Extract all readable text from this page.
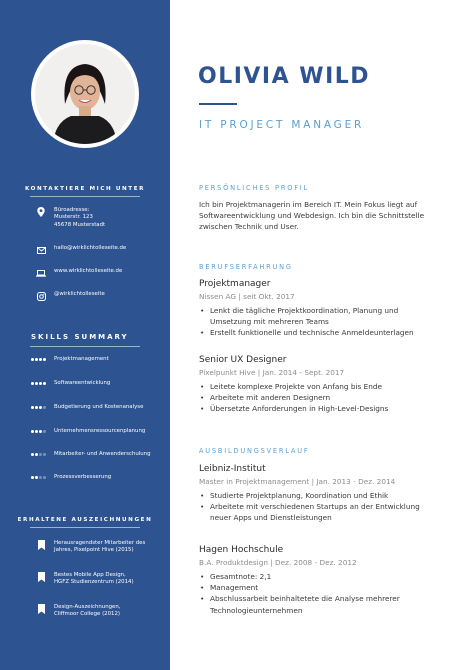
KONTAKTIERE MICH UNTER
Büroadresse:
Musterstr. 123
45678 Musterstadt
hallo@wirklichtolleseite.de
www.wirklichtolleseite.de
@wirklichtolleseite
SKILLS SUMMARY
Projektmanagement
Softwareentwicklung
Budgetierung und Kostenanalyse
Unternehmensressourcenplanung
Mitarbeiter- und Anwenderschulung
Prozessverbesserung
ERHALTENE AUSZEICHNUNGEN
Herausragendster Mitarbeiter des
Jahres, Pixelpoint Hive (2015)
Bestes Mobile App Design,
HGFZ Studienzentrum (2014)
Design-Auszeichnungen,
Cliffmoor College (2012)
OLIVIA WILD
IT PROJECT MANAGER
PERSÖNLICHES PROFIL
Ich bin Projektmanagerin im Bereich IT. Mein Fokus liegt auf
Softwareentwicklung und Webdesign. Ich bin die Schnittstelle
zwischen Technik und User.
BERUFSERFAHRUNG
Projektmanager
Nissen AG | seit Okt. 2017
• Lenkt die tägliche Projektkoordination, Planung und
Umsetzung mit mehreren Teams
• Erstellt funktionelle und technische Anmeldeunterlagen
Senior UX Designer
Pixelpunkt Hive | Jan. 2014 - Sept. 2017
• Leitete komplexe Projekte von Anfang bis Ende
• Arbeitete mit anderen Designern
• Übersetzte Anforderungen in High-Level-Designs
AUSBILDUNGSVERLAUF
Leibniz-Institut
Master in Projektmanagement | Jan. 2013 - Dez. 2014
• Studierte Projektplanung, Koordination und Ethik
• Arbeitete mit verschiedenen Startups an der Entwicklung
neuer Apps und Dienstleistungen
Hagen Hochschule
B.A. Produktdesign | Dez. 2008 - Dez. 2012
• Gesamtnote: 2,1
• Management
• Abschlussarbeit beinhaltetete die Analyse mehrerer
Technologieunternehmen
